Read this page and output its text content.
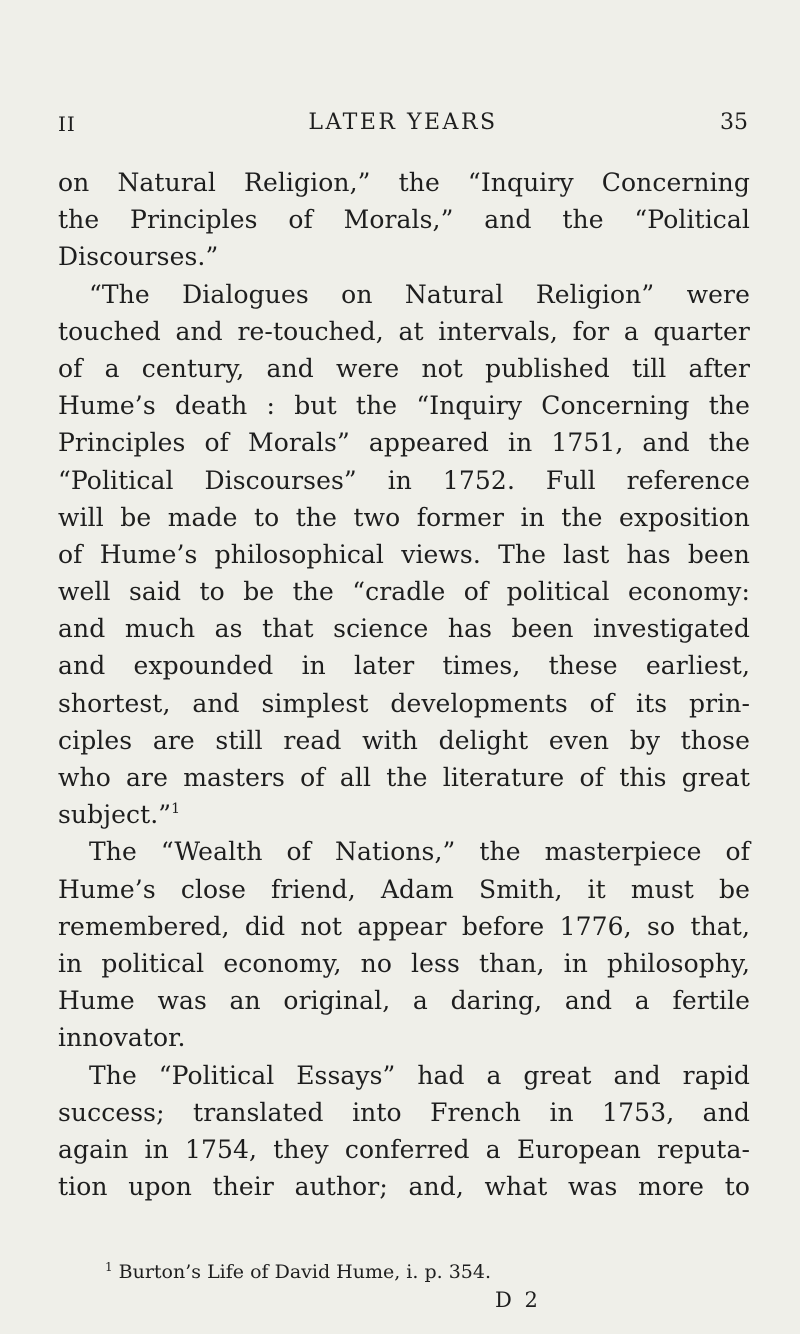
II	LATER YEARS	35
on Natural Religion,” the “Inquiry Concerning
the Principles of Morals,” and the “Political
Discourses.”
“The Dialogues on Natural Religion” were
touched and re-touched, at intervals, for a quarter
of a century, and were not published till after
Hume’s death : but the “Inquiry Concerning the
Principles of Morals” appeared in 1751, and the
“Political Discourses” in 1752. Full reference
will be made to the two former in the exposition
of Hume’s philosophical views. The last has been
well said to be the “cradle of political economy:
and much as that science has been investigated
and expounded in later times, these earliest,
shortest, and simplest developments of its prin-
ciples are still read with delight even by those
who are masters of all the literature of this great
subject.”$^1$
The “Wealth of Nations,” the masterpiece of
Hume’s close friend, Adam Smith, it must be
remembered, did not appear before 1776, so that,
in political economy, no less than, in philosophy,
Hume was an original, a daring, and a fertile
innovator.
The “Political Essays” had a great and rapid
success; translated into French in 1753, and
again in 1754, they conferred a European reputa-
tion upon their author; and, what was more to
$^1$ Burton’s Life of David Hume, i. p. 354.
D 2
